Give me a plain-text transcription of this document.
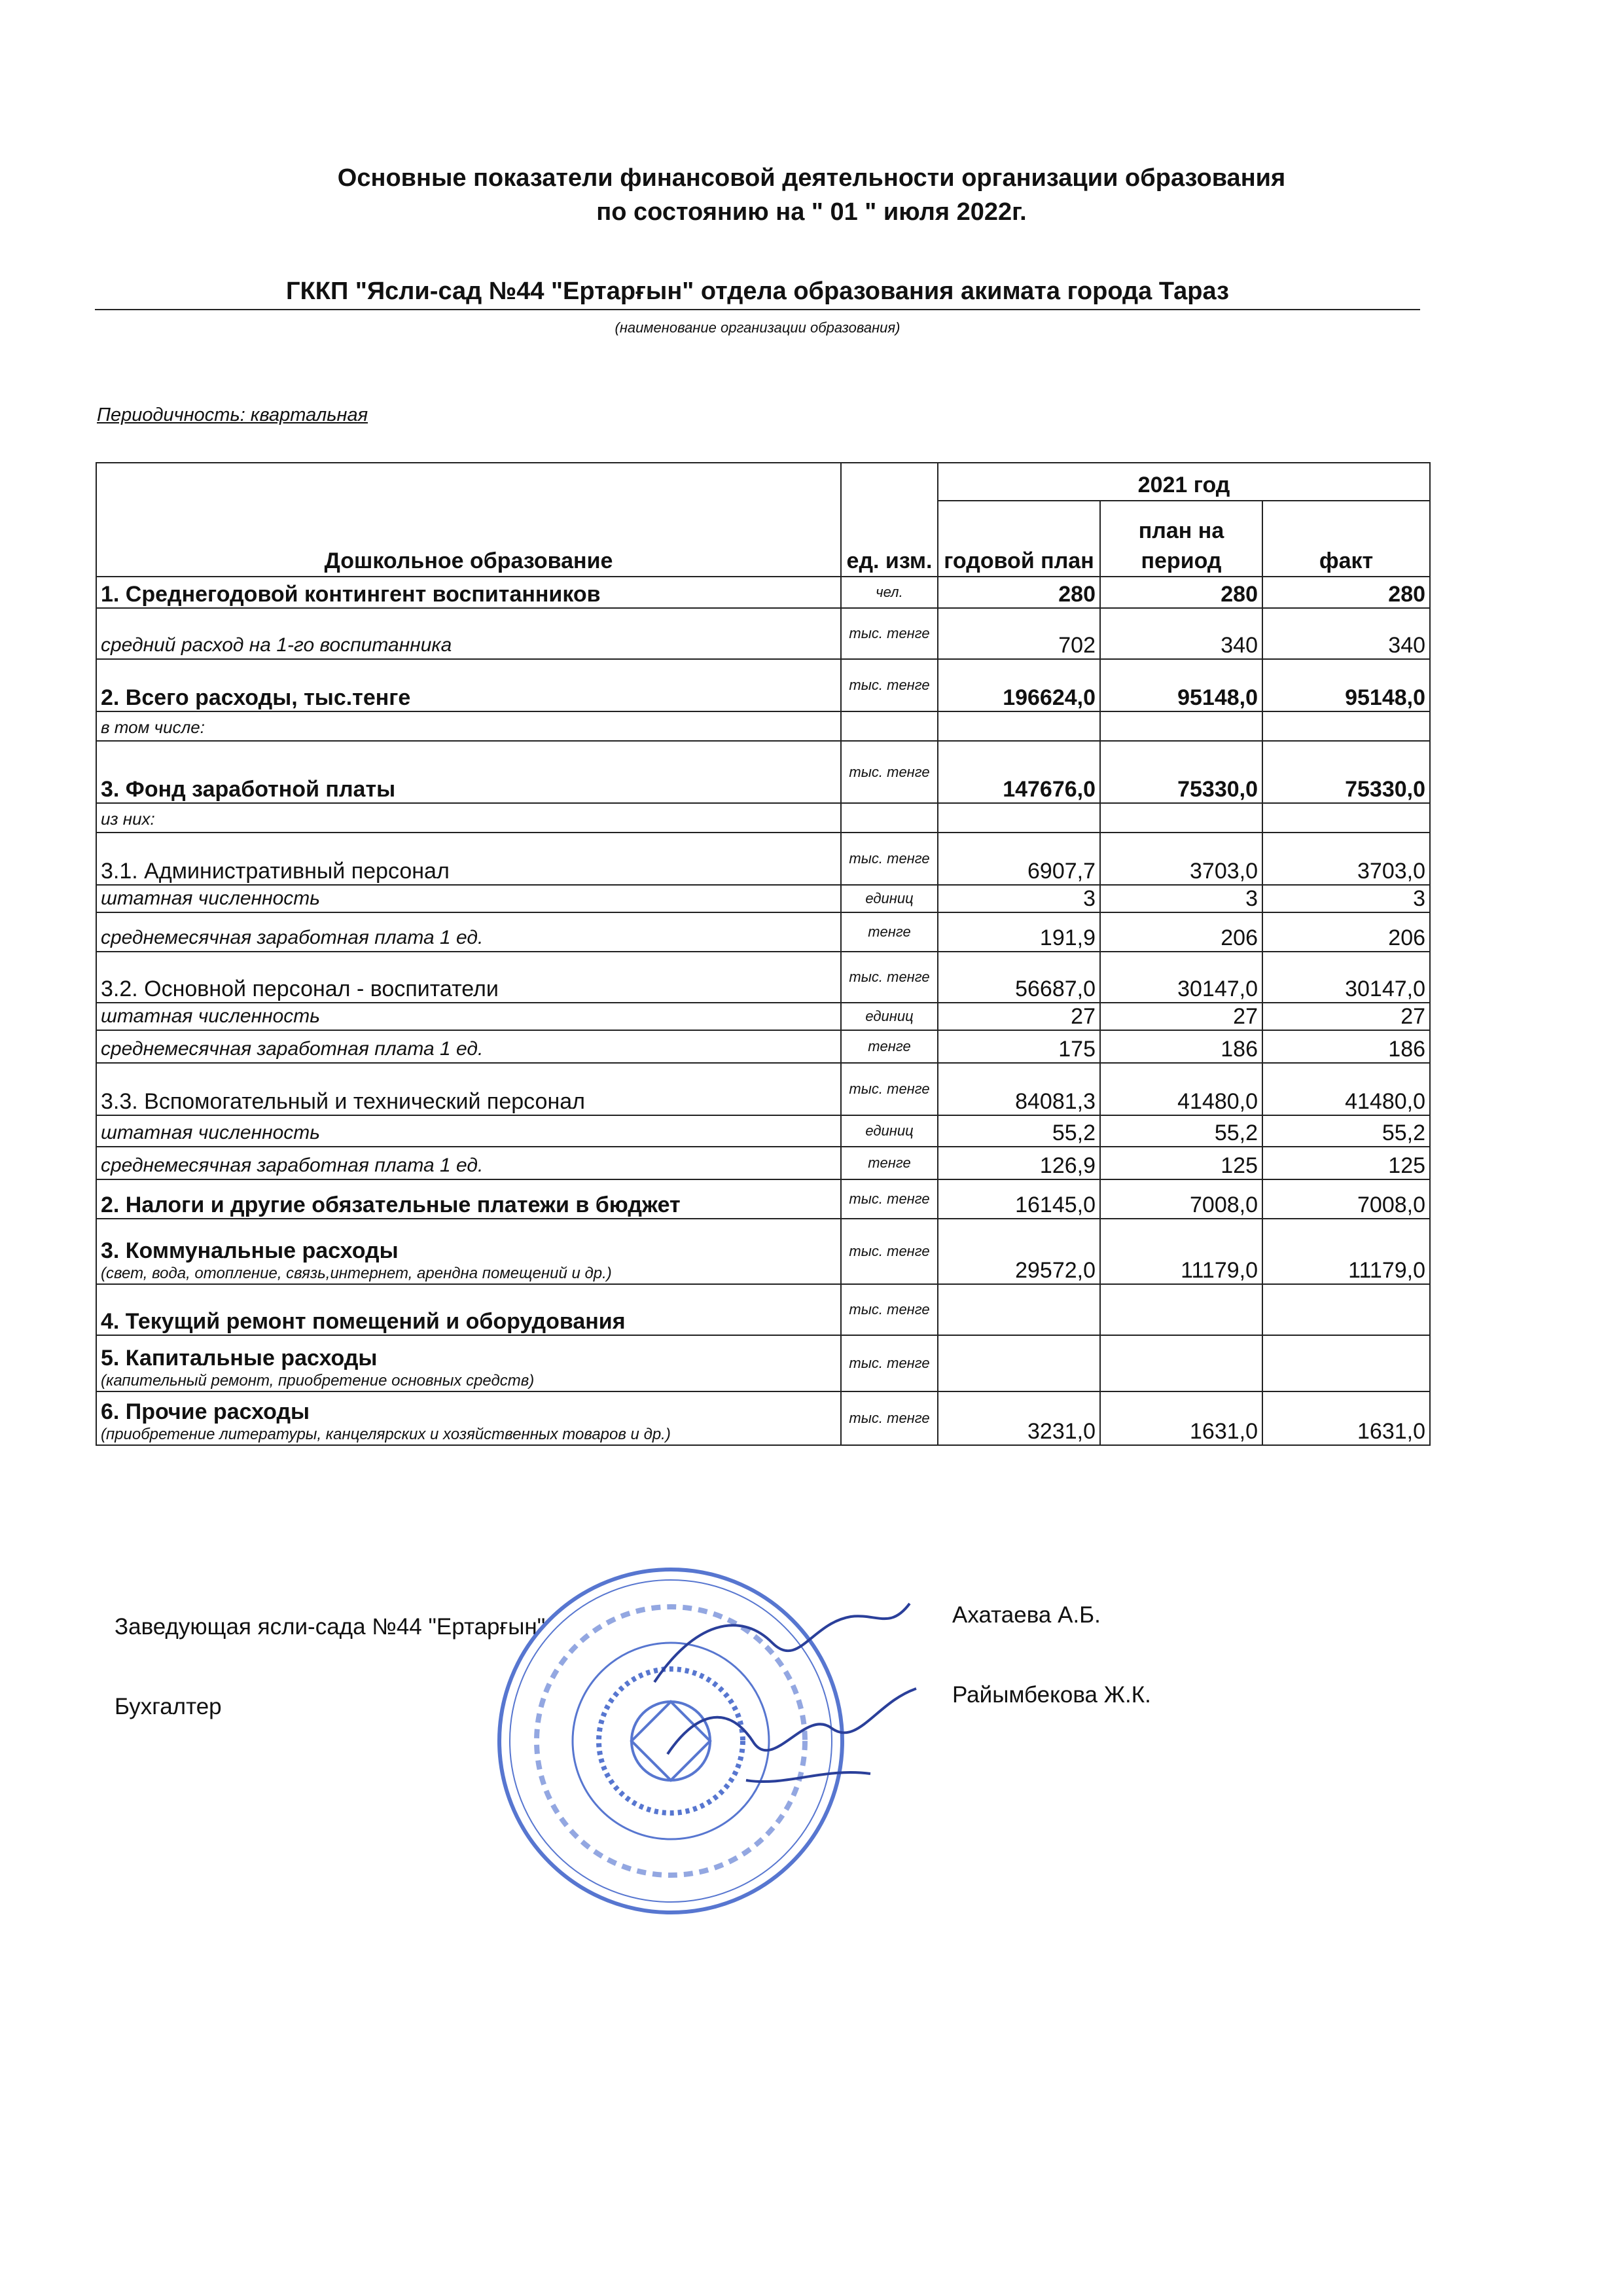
Основные показатели финансовой деятельности организации образования
по состоянию на " 01 " июля 2022г.
ГККП "Ясли-сад №44 "Ертарғын" отдела образования акимата города Тараз
(наименование организации образования)
Периодичность: квартальная
Дошкольное образование	ед. изм.	2021 год		
		годовой план	план на период	факт

1. Среднегодовой контингент воспитанников	чел.	280	280	280

средний расход на 1-го воспитанника	тыс. тенге	702	340	340

2. Всего расходы, тыс.тенге	тыс. тенге	196624,0	95148,0	95148,0

в том числе:				

3. Фонд заработной платы	тыс. тенге	147676,0	75330,0	75330,0

из них:				

3.1. Административный персонал	тыс. тенге	6907,7	3703,0	3703,0

штатная численность	единиц	3	3	3

среднемесячная заработная плата 1 ед.	тенге	191,9	206	206

3.2. Основной персонал - воспитатели	тыс. тенге	56687,0	30147,0	30147,0

штатная численность	единиц	27	27	27

среднемесячная заработная плата 1 ед.	тенге	175	186	186

3.3. Вспомогательный и технический персонал	тыс. тенге	84081,3	41480,0	41480,0

штатная численность	единиц	55,2	55,2	55,2

среднемесячная заработная плата 1 ед.	тенге	126,9	125	125

2. Налоги и другие обязательные платежи в бюджет	тыс. тенге	16145,0	7008,0	7008,0

3. Коммунальные расходы
(свет, вода, отопление, связь,интернет, арендна помещений и др.)	тыс. тенге	29572,0	11179,0	11179,0

4. Текущий ремонт помещений и оборудования	тыс. тенге			

5. Капитальные расходы
(капительный ремонт, приобретение основных средств)	тыс. тенге			

6. Прочие расходы
(приобретение литературы, канцелярских и хозяйственных товаров и др.)	тыс. тенге	3231,0	1631,0	1631,0
Заведующая ясли-сада №44 "Ертарғын"	Ахатаева А.Б.
Бухгалтер	Райымбекова Ж.К.
